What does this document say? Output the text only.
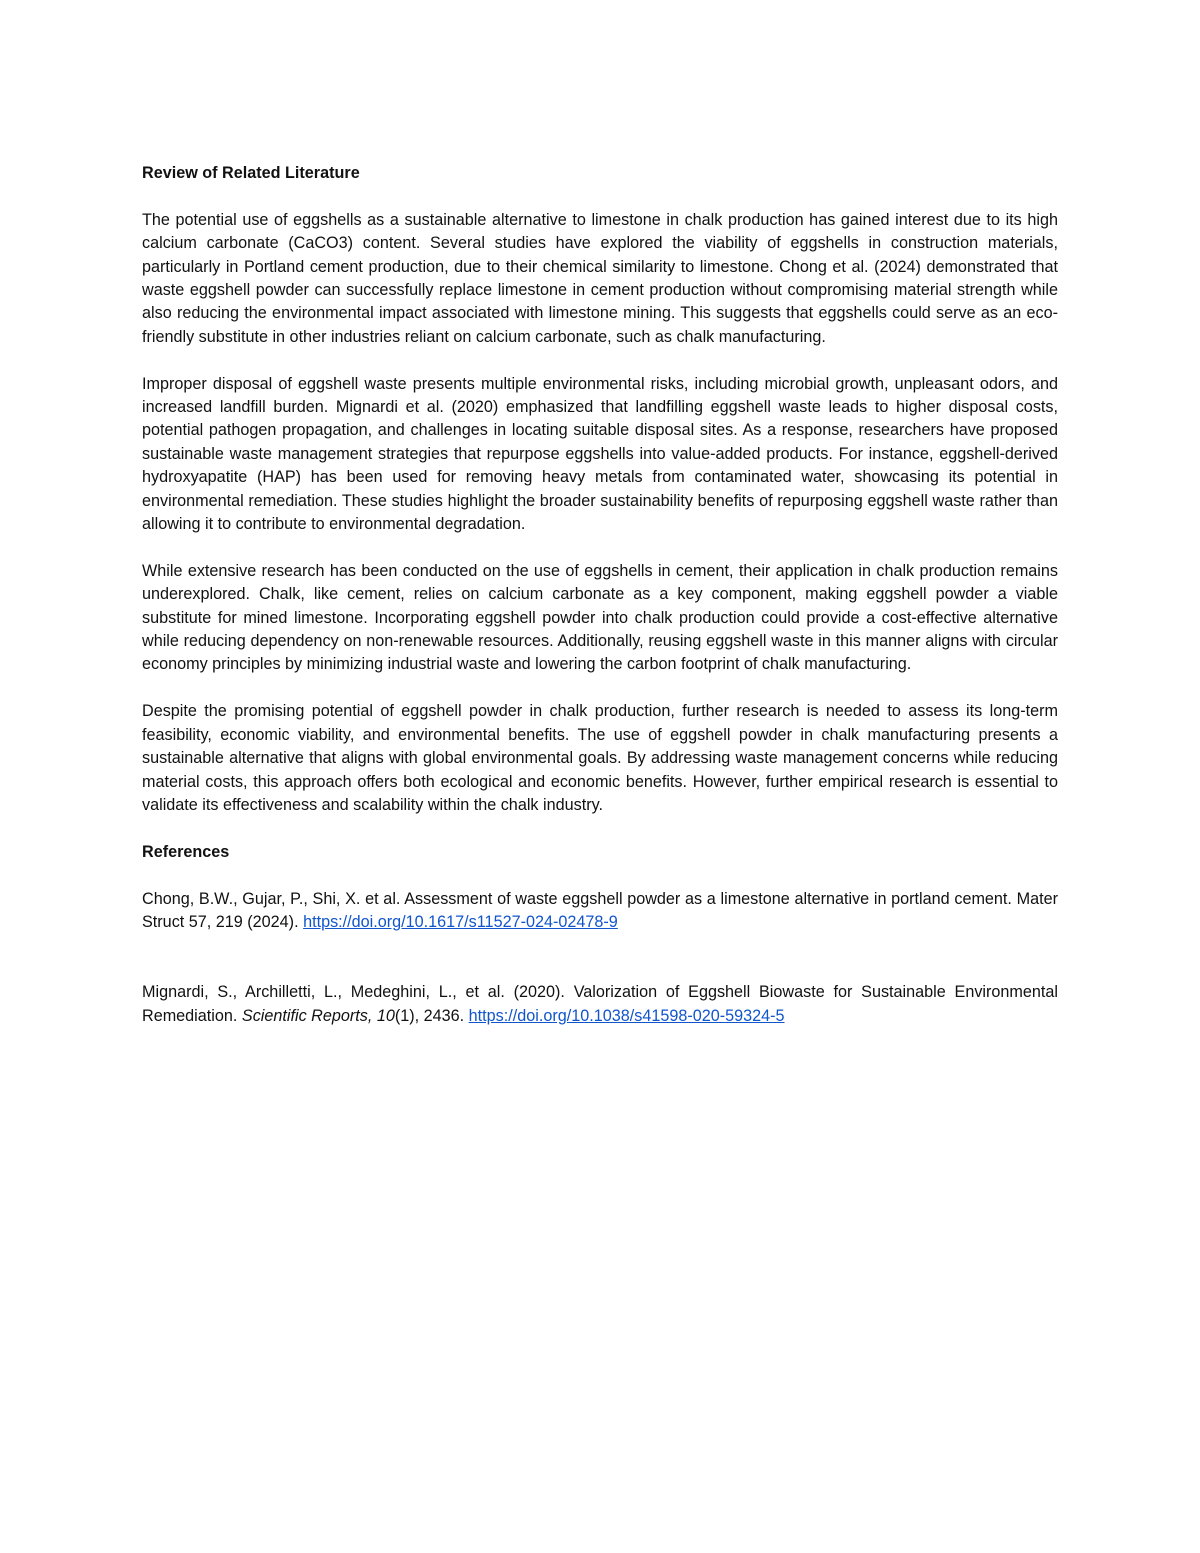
Review of Related Literature

The potential use of eggshells as a sustainable alternative to limestone in chalk production has gained interest due to its high calcium carbonate (CaCO3) content. Several studies have explored the viability of eggshells in construction materials, particularly in Portland cement production, due to their chemical similarity to limestone. Chong et al. (2024) demonstrated that waste eggshell powder can successfully replace limestone in cement production without compromising material strength while also reducing the environmental impact associated with limestone mining. This suggests that eggshells could serve as an eco-friendly substitute in other industries reliant on calcium carbonate, such as chalk manufacturing.

Improper disposal of eggshell waste presents multiple environmental risks, including microbial growth, unpleasant odors, and increased landfill burden. Mignardi et al. (2020) emphasized that landfilling eggshell waste leads to higher disposal costs, potential pathogen propagation, and challenges in locating suitable disposal sites. As a response, researchers have proposed sustainable waste management strategies that repurpose eggshells into value-added products. For instance, eggshell-derived hydroxyapatite (HAP) has been used for removing heavy metals from contaminated water, showcasing its potential in environmental remediation. These studies highlight the broader sustainability benefits of repurposing eggshell waste rather than allowing it to contribute to environmental degradation.

While extensive research has been conducted on the use of eggshells in cement, their application in chalk production remains underexplored. Chalk, like cement, relies on calcium carbonate as a key component, making eggshell powder a viable substitute for mined limestone. Incorporating eggshell powder into chalk production could provide a cost-effective alternative while reducing dependency on non-renewable resources. Additionally, reusing eggshell waste in this manner aligns with circular economy principles by minimizing industrial waste and lowering the carbon footprint of chalk manufacturing.

Despite the promising potential of eggshell powder in chalk production, further research is needed to assess its long-term feasibility, economic viability, and environmental benefits. The use of eggshell powder in chalk manufacturing presents a sustainable alternative that aligns with global environmental goals. By addressing waste management concerns while reducing material costs, this approach offers both ecological and economic benefits. However, further empirical research is essential to validate its effectiveness and scalability within the chalk industry.

References

Chong, B.W., Gujar, P., Shi, X. et al. Assessment of waste eggshell powder as a limestone alternative in portland cement. Mater Struct 57, 219 (2024). https://doi.org/10.1617/s11527-024-02478-9

Mignardi, S., Archilletti, L., Medeghini, L., et al. (2020). Valorization of Eggshell Biowaste for Sustainable Environmental Remediation. Scientific Reports, 10(1), 2436. https://doi.org/10.1038/s41598-020-59324-5
